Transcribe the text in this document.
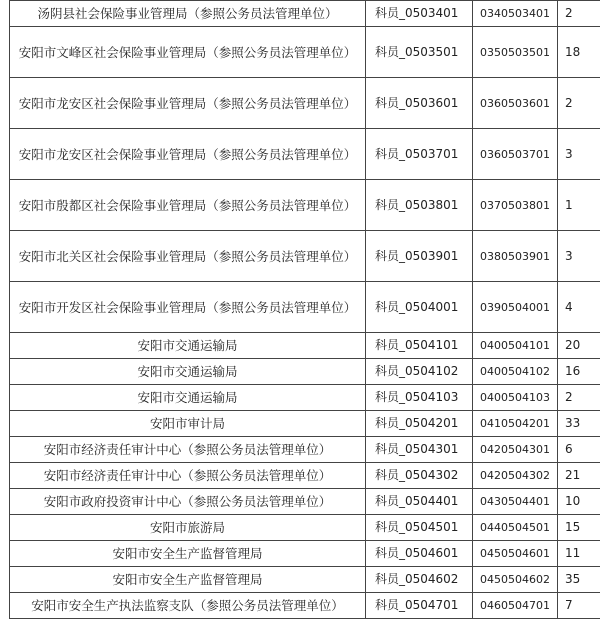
汤阴县社会保险事业管理局（参照公务员法管理单位）	科员_0503401	0340503401	2
安阳市文峰区社会保险事业管理局（参照公务员法管理单位）	科员_0503501	0350503501	18
安阳市龙安区社会保险事业管理局（参照公务员法管理单位）	科员_0503601	0360503601	2
安阳市龙安区社会保险事业管理局（参照公务员法管理单位）	科员_0503701	0360503701	3
安阳市殷都区社会保险事业管理局（参照公务员法管理单位）	科员_0503801	0370503801	1
安阳市北关区社会保险事业管理局（参照公务员法管理单位）	科员_0503901	0380503901	3
安阳市开发区社会保险事业管理局（参照公务员法管理单位）	科员_0504001	0390504001	4
安阳市交通运输局	科员_0504101	0400504101	20
安阳市交通运输局	科员_0504102	0400504102	16
安阳市交通运输局	科员_0504103	0400504103	2
安阳市审计局	科员_0504201	0410504201	33
安阳市经济责任审计中心（参照公务员法管理单位）	科员_0504301	0420504301	6
安阳市经济责任审计中心（参照公务员法管理单位）	科员_0504302	0420504302	21
安阳市政府投资审计中心（参照公务员法管理单位）	科员_0504401	0430504401	10
安阳市旅游局	科员_0504501	0440504501	15
安阳市安全生产监督管理局	科员_0504601	0450504601	11
安阳市安全生产监督管理局	科员_0504602	0450504602	35
安阳市安全生产执法监察支队（参照公务员法管理单位）	科员_0504701	0460504701	7
